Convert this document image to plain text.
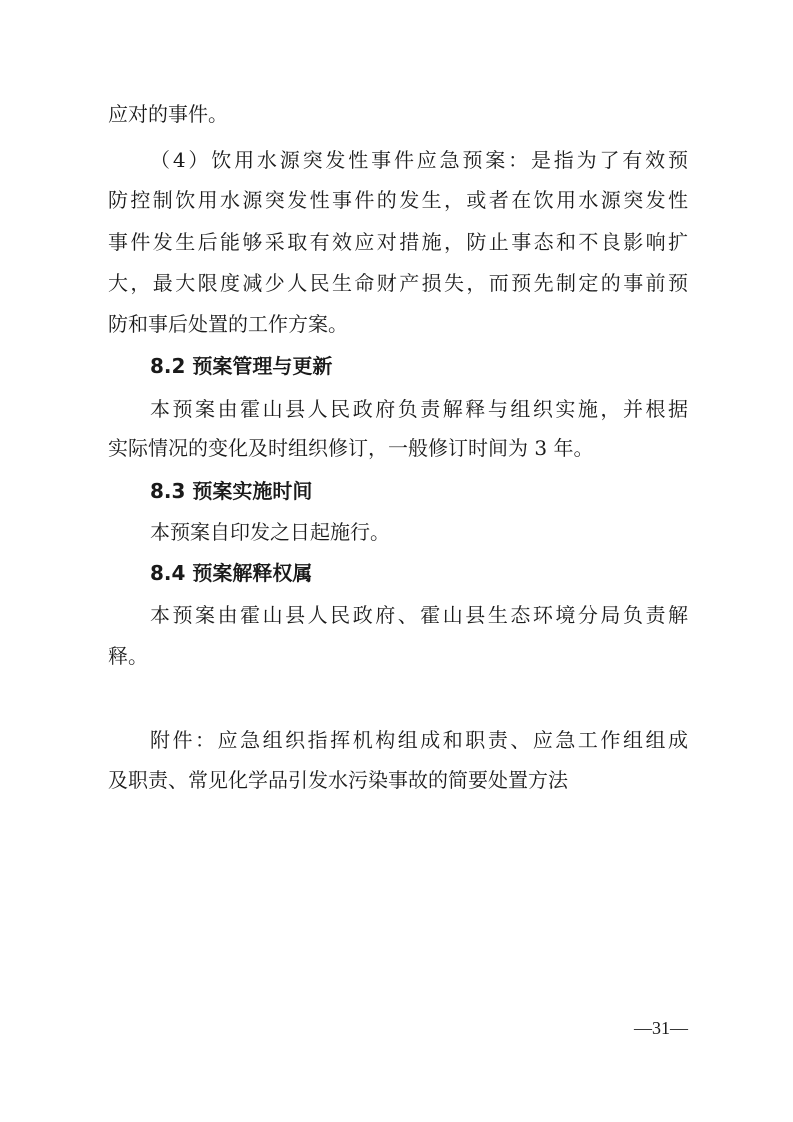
应对的事件。
（4）饮用水源突发性事件应急预案：是指为了有效预
防控制饮用水源突发性事件的发生，或者在饮用水源突发性
事件发生后能够采取有效应对措施，防止事态和不良影响扩
大，最大限度减少人民生命财产损失，而预先制定的事前预
防和事后处置的工作方案。
8.2 预案管理与更新
本预案由霍山县人民政府负责解释与组织实施，并根据
实际情况的变化及时组织修订，一般修订时间为 3 年。
8.3 预案实施时间
本预案自印发之日起施行。
8.4 预案解释权属
本预案由霍山县人民政府、霍山县生态环境分局负责解
释。
附件：应急组织指挥机构组成和职责、应急工作组组成
及职责、常见化学品引发水污染事故的简要处置方法
—31—
